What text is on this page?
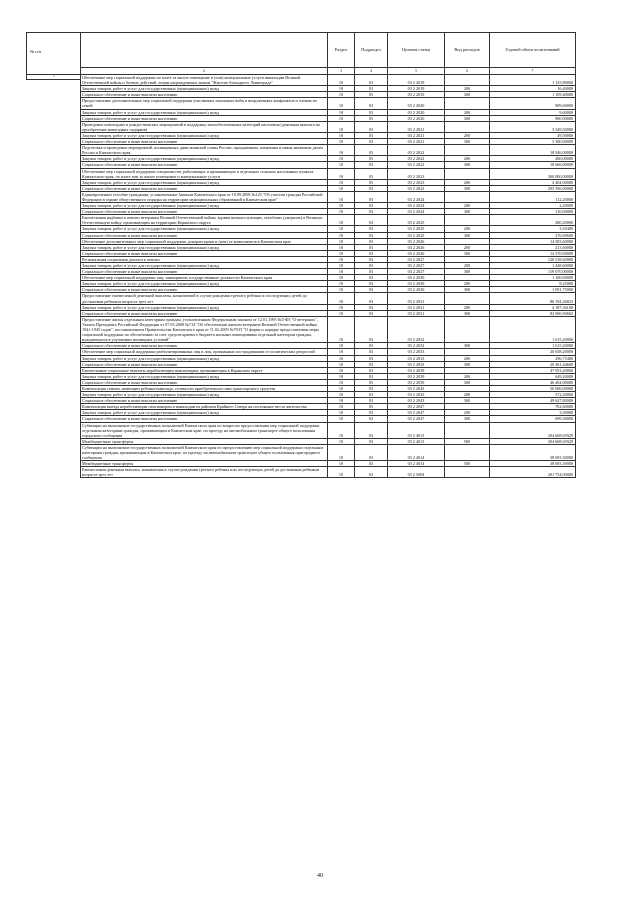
№ п/п
1
	Раздел	Подраздел	Целевая статья	Вид расходов	Годовой объем ассигнований
2	3	4	5	6	7
Обеспечение мер социальной поддержки по плате за жилое помещение и (или) коммунальные услуги инвалидам Великой Отечественной войны и боевых действий, лицам награжденным знаком "Жителю блокадного Ленинграда"	10	03	03 2 2019		1 125,80000
Закупка товаров, работ и услуг для государственных (муниципальных) нужд	10	03	03 2 2019	200	16,40000
Социальное обеспечение и иные выплаты населению	10	03	03 2 2019	300	1 109,40000
Предоставление дополнительных мер социальной поддержки участникам локальных войн и вооруженных конфликтов и членам их семей	10	03	03 2 2020		909,60000
Закупка товаров, работ и услуг для государственных (муниципальных) нужд	10	03	03 2 2020	200	9,60000
Социальное обеспечение и иные выплаты населению	10	03	03 2 2020	300	900,00000
Проведение новогодних и рождественских мероприятий в поддержку малообеспеченных категорий населения (денежная выплата на приобретение новогодних подарков)	10	03	03 2 2021		3 349,50000
Закупка товаров, работ и услуг для государственных (муниципальных) нужд	10	03	03 2 2021	200	49,50000
Социальное обеспечение и иные выплаты населению	10	03	03 2 2021	300	3 300,00000
Подготовка и проведение мероприятий, посвященных дням воинской славы России, праздничным, памятным и иным значимым датам России и Камчатского края	10	03	03 2 2022		18 946,00000
Закупка товаров, работ и услуг для государственных (муниципальных) нужд	10	03	03 2 2022	200	280,00000
Социальное обеспечение и иные выплаты населению	10	03	03 2 2022	300	18 666,00000
Обеспечение мер социальной поддержки специалистов, работающих и проживающих в отдельных сельских населенных пунктах Камчатского края, по плате или за жилое помещение и коммунальные услуги	10	03	03 2 2023		300 000,00000
Закупка товаров, работ и услуг для государственных (муниципальных) нужд	10	03	03 2 2023	200	4 404,00000
Социальное обеспечение и иные выплаты населению	10	03	03 2 2023	300	295 596,00000
Единовременное пособие гражданам, установленные Законом Камчатского края от 18.09.2008 №123 "Об участии граждан Российской Федерации в охране общественного порядка на территории муниципальных образований в Камчатском крае"	10	03	03 2 2024		112,20000
Закупка товаров, работ и услуг для государственных (муниципальных) нужд	10	03	03 2 2024	200	2,20000
Социальное обеспечение и иные выплаты населению	10	03	03 2 2024	300	110,00000
Ежемесячная надбавка к пенсии ветеранам Великой Отечественной войны, вдовам военнослужащих, погибших (умерших) в Великую Отечественную войну, проживающим на территории Корякского округа	10	03	03 2 2025		280,20000
Закупка товаров, работ и услуг для государственных (муниципальных) нужд	10	03	03 2 2025	200	3,50400
Социальное обеспечение и иные выплаты населению	10	03	03 2 2025	300	276,69600
Обеспечение дополнительных мер социальной поддержки донорам крови и (или) ее компонентов в Камчатском крае	10	03	03 2 2026		14 583,60000
Закупка товаров, работ и услуг для государственных (муниципальных) нужд	10	03	03 2 2026	200	213,60000
Социальное обеспечение и иные выплаты населению	10	03	03 2 2026	300	14 370,00000
Региональная социальная доплата к пенсии	10	03	03 2 2027		120 518,60000
Закупка товаров, работ и услуг для государственных (муниципальных) нужд	10	03	03 2 2027	200	1 448,60000
Социальное обеспечение и иные выплаты населению	10	03	03 2 2027	300	119 070,00000
Обеспечение мер социальной поддержки лиц, замещавших государственные должности Камчатского края	10	03	03 2 2030		1 100,00000
Закупка товаров, работ и услуг для государственных (муниципальных) нужд	10	03	03 2 2030	200	8,25000
Социальное обеспечение и иные выплаты населению	10	03	03 2 2030	300	1 091,75000
Предоставление ежемесячной денежной выплаты, назначаемой в случае рождения третьего ребенка и последующих детей до достижения ребенком возраста трех лет	10	03	03 2 2031		86 194,26823
Закупка товаров, работ и услуг для государственных (муниципальных) нужд	10	03	03 2 2031	200	4 187,36100
Социальное обеспечение и иные выплаты населению	10	03	03 2 2031	300	82 006,90663
Предоставление жилья отдельным категориям граждан, установленным Федеральным законом от 12.01.1995 №5-ФЗ "О ветеранах", Указом Президента Российской Федерации от 07.05.2008 №714 "Об обеспечении жильем ветеранов Великой Отечественной войны 1941-1945 годов", постановлением Правительства Камчатского края от 11.02.2009 №70-П "О форме и порядке предоставления меры социальной поддержки по обеспечению за счет средств краевого бюджета жилыми помещениями отдельной категории граждан, нуждающихся в улучшении жилищных условий"	10	03	03 2 2032		1 615,20000
Социальное обеспечение и иные выплаты населению	10	03	03 2 2032	300	1 615,20000
Обеспечение мер социальной поддержки реабилитированных лиц и лиц, признанных пострадавшими от политических репрессий	10	03	03 2 2033		20 658,20000
Закупка товаров, работ и услуг для государственных (муниципальных) нужд	10	03	03 2 2033	200	296,75400
Социальное обеспечение и иные выплаты населению	10	03	03 2 2033	300	20 361,44600
Ежемесячные социальные выплаты неработающим пенсионерам, проживающим в Корякском округе	10	03	03 2 2039		47 053,20000
Закупка товаров, работ и услуг для государственных (муниципальных) нужд	10	03	03 2 2039	200	649,20000
Социальное обеспечение и иные выплаты населению	10	03	03 2 2039	300	46 404,00000
Компенсация семьям, имеющим ребенка-инвалида, стоимости приобретенного ими транспортного средства	10	03	03 2 2043		50 000,00000
Закупка товаров, работ и услуг для государственных (муниципальных) нужд	10	03	03 2 2043	200	372,20000
Социальное обеспечение и иные выплаты населению	10	03	03 2 2043	300	49 627,80000
Компенсация выезда неработающим пенсионерам и инвалидам из районов Крайнего Севера на постоянное место жительства	10	03	03 2 2047		702,60000
Закупка товаров, работ и услуг для государственных (муниципальных) нужд	10	03	03 2 2047	200	3,30000
Социальное обеспечение и иные выплаты населению	10	03	03 2 2047	300	699,30000
Субвенции на выполнение государственных полномочий Камчатского края по вопросам предоставления мер социальной поддержки отдельным категориям граждан, проживающим в Камчатском крае, по проезду на автомобильном транспорте общего пользования городского сообщения	10	03	03 2 4013		204 668,65929
Межбюджетные трансферты	10	03	03 2 4013	500	204 668,65929
Субвенции на выполнение государственных полномочий Камчатского края по предоставлению мер социальной поддержки отдельным категориям граждан, проживающим в Камчатском крае, по проезду на автомобильном транспорте общего пользования пригородного сообщения	10	03	03 2 4014		38 693,30000
Межбюджетные трансферты	10	03	03 2 4014	500	38 693,30000
Ежемесячная денежная выплата, назначаемая в случае рождения третьего ребенка или последующих детей до достижения ребенком возраста трех лет	10	03	03 2 5084		201 754,00000
40
